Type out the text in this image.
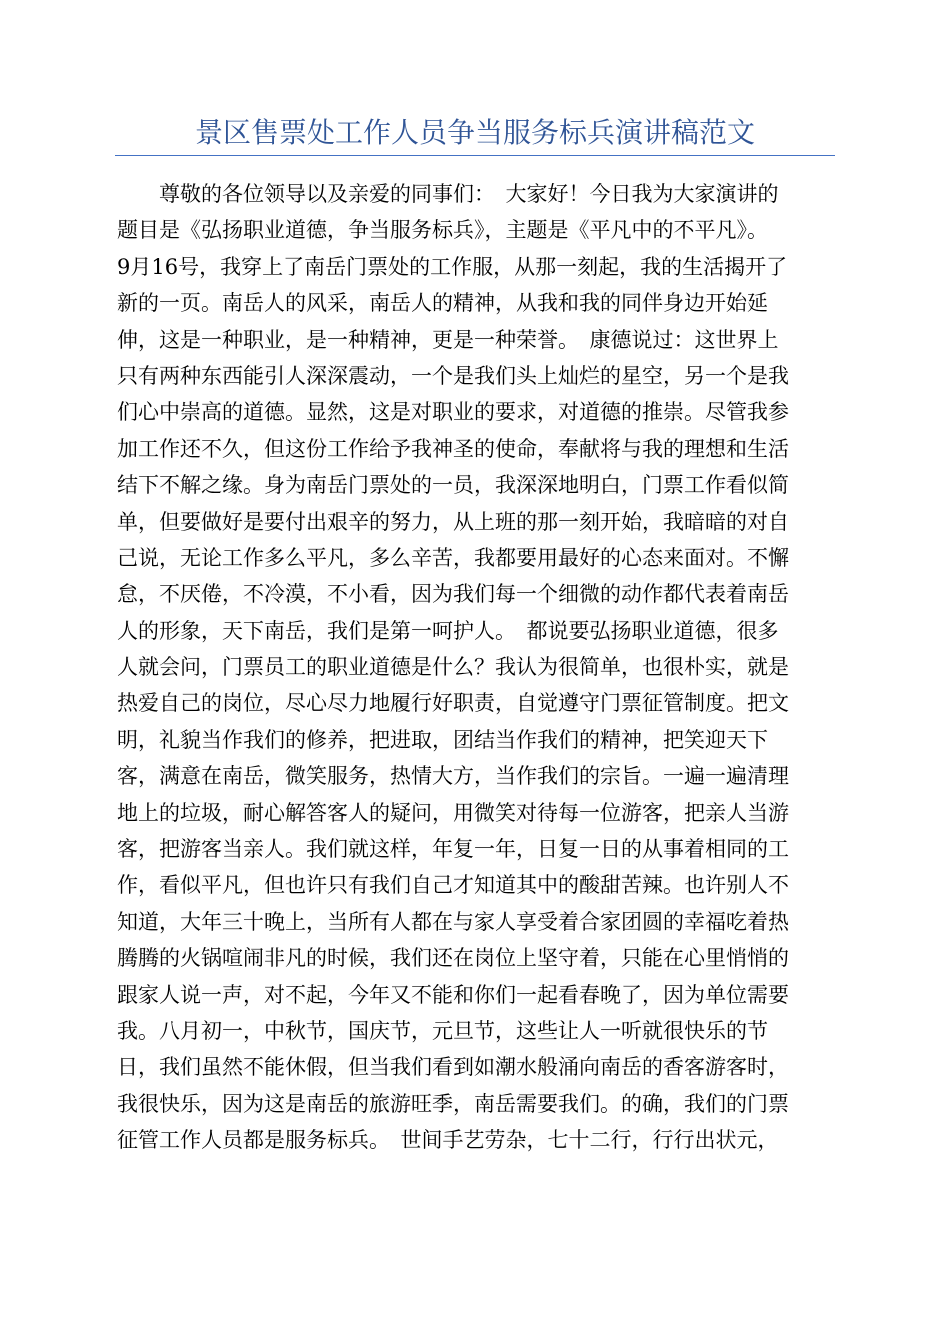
景区售票处工作人员争当服务标兵演讲稿范文
　　尊敬的各位领导以及亲爱的同事们：　大家好！今日我为大家演讲的
题目是《弘扬职业道德，争当服务标兵》，主题是《平凡中的不平凡》。
9月16号，我穿上了南岳门票处的工作服，从那一刻起，我的生活揭开了
新的一页。南岳人的风采，南岳人的精神，从我和我的同伴身边开始延
伸，这是一种职业，是一种精神，更是一种荣誉。　康德说过：这世界上
只有两种东西能引人深深震动，一个是我们头上灿烂的星空，另一个是我
们心中崇高的道德。显然，这是对职业的要求，对道德的推崇。尽管我参
加工作还不久，但这份工作给予我神圣的使命，奉献将与我的理想和生活
结下不解之缘。身为南岳门票处的一员，我深深地明白，门票工作看似简
单，但要做好是要付出艰辛的努力，从上班的那一刻开始，我暗暗的对自
己说，无论工作多么平凡，多么辛苦，我都要用最好的心态来面对。不懈
怠，不厌倦，不冷漠，不小看，因为我们每一个细微的动作都代表着南岳
人的形象，天下南岳，我们是第一呵护人。　都说要弘扬职业道德，很多
人就会问，门票员工的职业道德是什么？我认为很简单，也很朴实，就是
热爱自己的岗位，尽心尽力地履行好职责，自觉遵守门票征管制度。把文
明，礼貌当作我们的修养，把进取，团结当作我们的精神，把笑迎天下
客，满意在南岳，微笑服务，热情大方，当作我们的宗旨。一遍一遍清理
地上的垃圾，耐心解答客人的疑问，用微笑对待每一位游客，把亲人当游
客，把游客当亲人。我们就这样，年复一年，日复一日的从事着相同的工
作，看似平凡，但也许只有我们自己才知道其中的酸甜苦辣。也许别人不
知道，大年三十晚上，当所有人都在与家人享受着合家团圆的幸福吃着热
腾腾的火锅喧闹非凡的时候，我们还在岗位上坚守着，只能在心里悄悄的
跟家人说一声，对不起，今年又不能和你们一起看春晚了，因为单位需要
我。八月初一，中秋节，国庆节，元旦节，这些让人一听就很快乐的节
日，我们虽然不能休假，但当我们看到如潮水般涌向南岳的香客游客时，
我很快乐，因为这是南岳的旅游旺季，南岳需要我们。的确，我们的门票
征管工作人员都是服务标兵。　世间手艺劳杂，七十二行，行行出状元，
